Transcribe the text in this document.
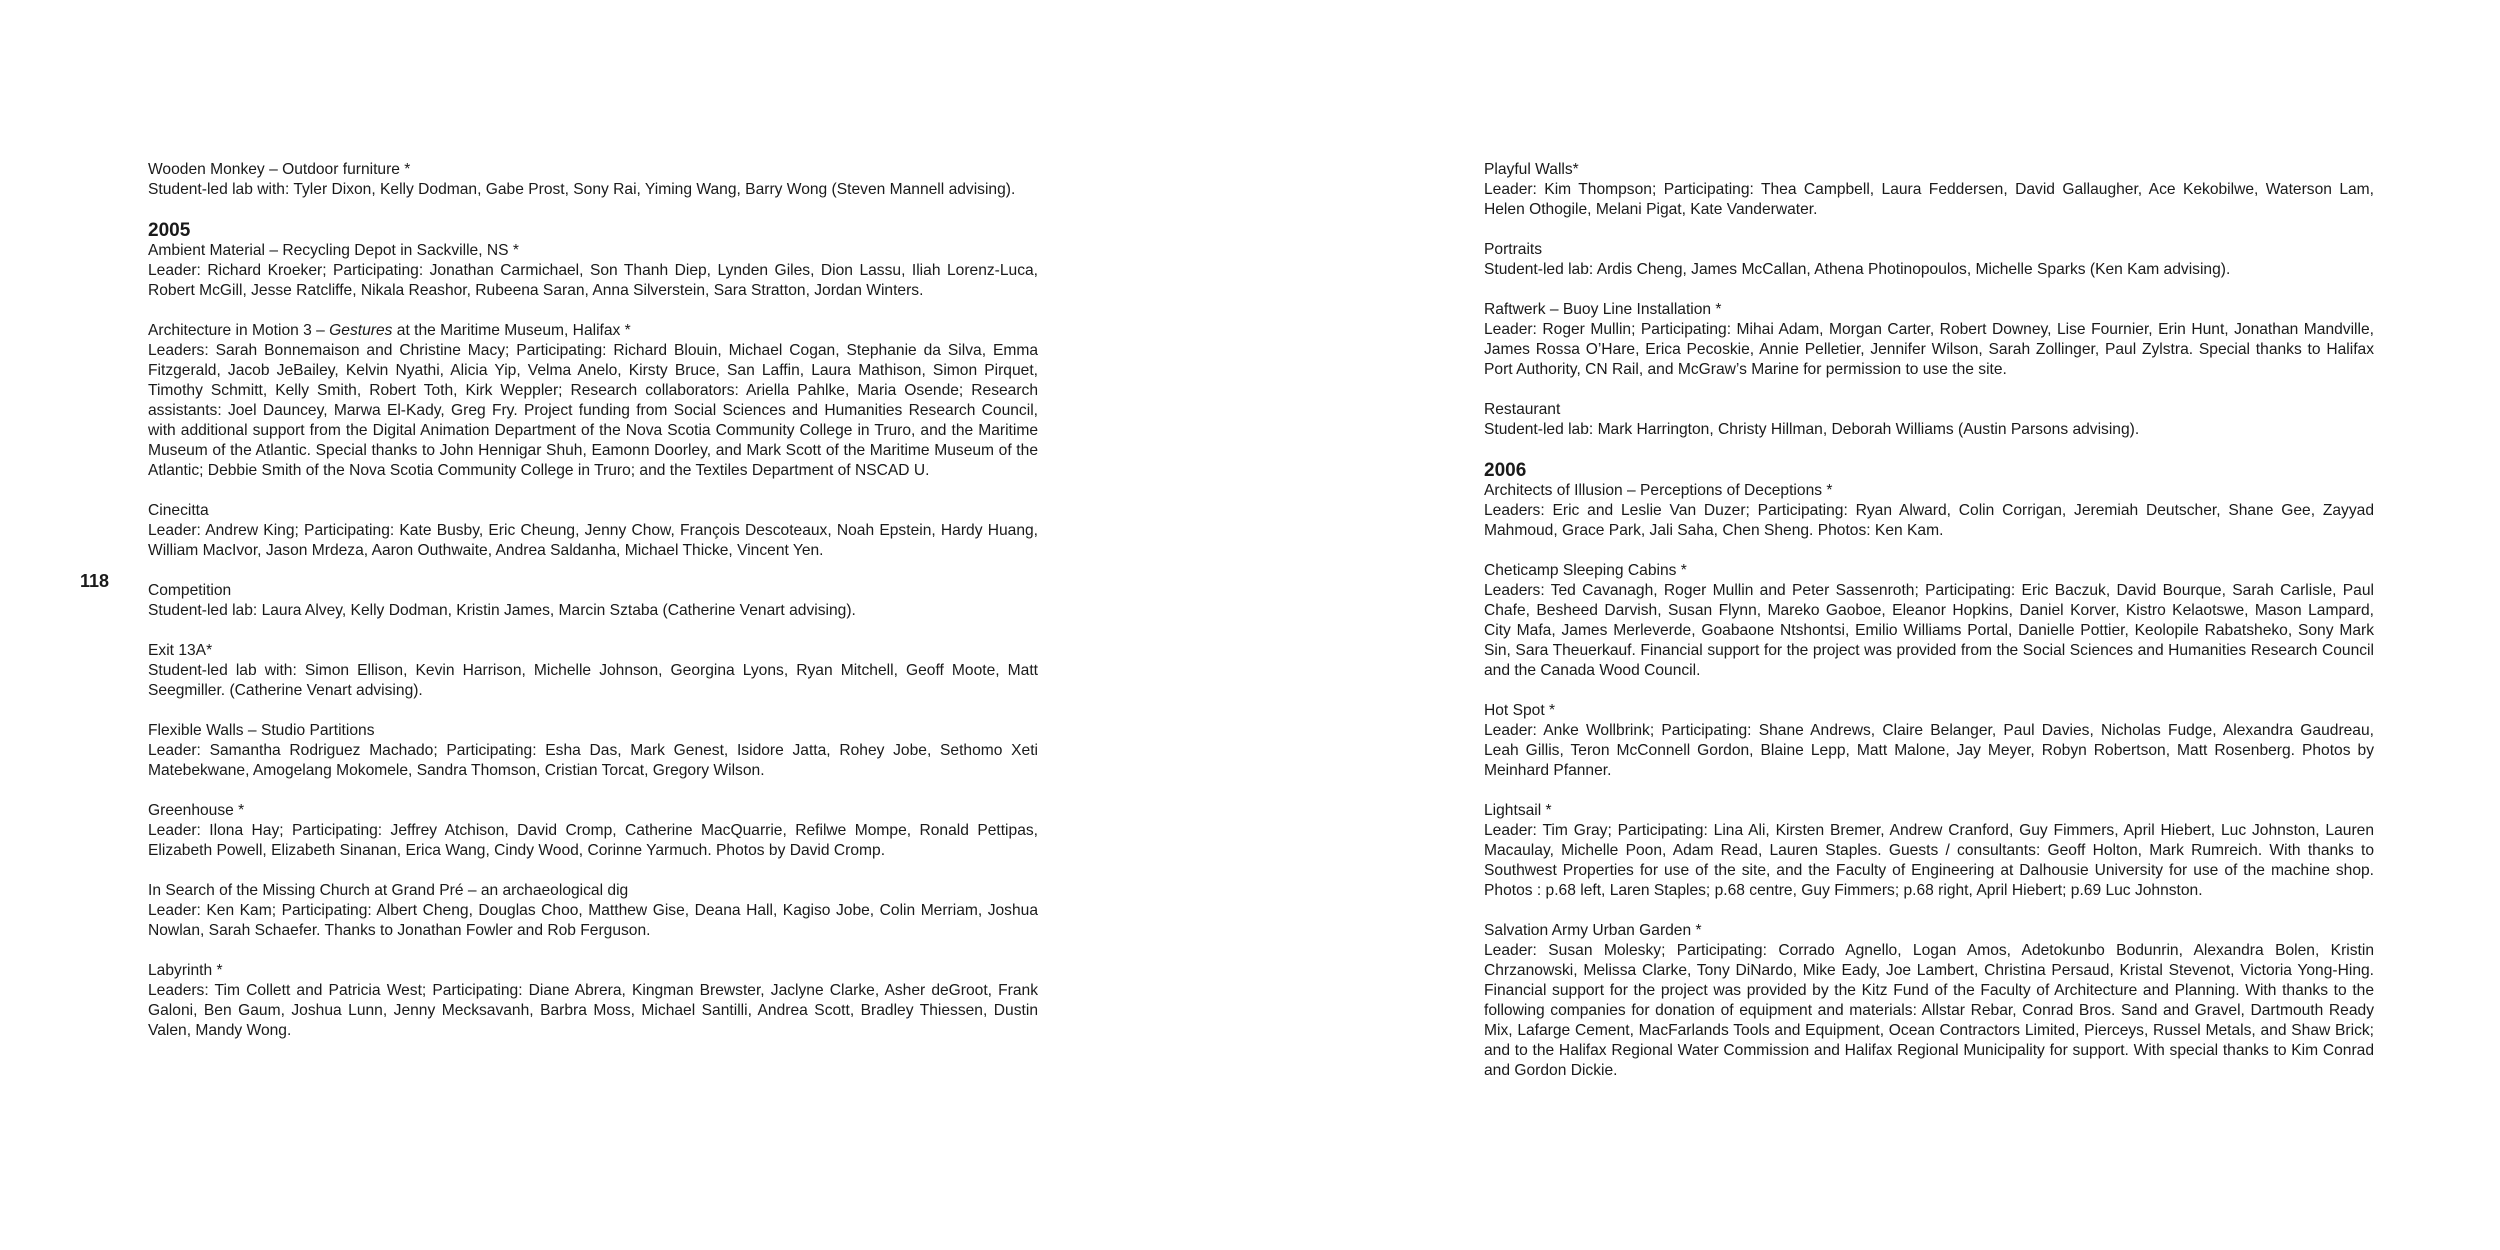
118
Wooden Monkey – Outdoor furniture *
Student-led lab with: Tyler Dixon, Kelly Dodman, Gabe Prost, Sony Rai, Yiming Wang, Barry Wong (Steven Mannell advising).
2005
Ambient Material – Recycling Depot in Sackville, NS *
Leader: Richard Kroeker; Participating: Jonathan Carmichael, Son Thanh Diep, Lynden Giles, Dion Lassu, Iliah Lorenz-Luca, Robert McGill, Jesse Ratcliffe, Nikala Reashor, Rubeena Saran, Anna Silverstein, Sara Stratton, Jordan Winters.
Architecture in Motion 3 – Gestures at the Maritime Museum, Halifax *
Leaders: Sarah Bonnemaison and Christine Macy; Participating: Richard Blouin, Michael Cogan, Stephanie da Silva, Emma Fitzgerald, Jacob JeBailey, Kelvin Nyathi, Alicia Yip, Velma Anelo, Kirsty Bruce, San Laffin, Laura Mathison, Simon Pirquet, Timothy Schmitt, Kelly Smith, Robert Toth, Kirk Weppler; Research collaborators: Ariella Pahlke, Maria Osende; Research assistants: Joel Dauncey, Marwa El-Kady, Greg Fry. Project funding from Social Sciences and Humanities Research Council, with additional support from the Digital Animation Department of the Nova Scotia Community College in Truro, and the Maritime Museum of the Atlantic. Special thanks to John Hennigar Shuh, Eamonn Doorley, and Mark Scott of the Maritime Museum of the Atlantic; Debbie Smith of the Nova Scotia Community College in Truro; and the Textiles Department of NSCAD U.
Cinecitta
Leader: Andrew King; Participating: Kate Busby, Eric Cheung, Jenny Chow, François Descoteaux, Noah Epstein, Hardy Huang, William MacIvor, Jason Mrdeza, Aaron Outhwaite, Andrea Saldanha, Michael Thicke, Vincent Yen.
Competition
Student-led lab: Laura Alvey, Kelly Dodman, Kristin James, Marcin Sztaba (Catherine Venart advising).
Exit 13A*
Student-led lab with: Simon Ellison, Kevin Harrison, Michelle Johnson, Georgina Lyons, Ryan Mitchell, Geoff Moote, Matt Seegmiller. (Catherine Venart advising).
Flexible Walls – Studio Partitions
Leader: Samantha Rodriguez Machado; Participating: Esha Das, Mark Genest, Isidore Jatta, Rohey Jobe, Sethomo Xeti Matebekwane, Amogelang Mokomele, Sandra Thomson, Cristian Torcat, Gregory Wilson.
Greenhouse *
Leader: Ilona Hay; Participating: Jeffrey Atchison, David Cromp, Catherine MacQuarrie, Refilwe Mompe, Ronald Pettipas, Elizabeth Powell, Elizabeth Sinanan, Erica Wang, Cindy Wood, Corinne Yarmuch. Photos by David Cromp.
In Search of the Missing Church at Grand Pré – an archaeological dig
Leader: Ken Kam; Participating: Albert Cheng, Douglas Choo, Matthew Gise, Deana Hall, Kagiso Jobe, Colin Merriam, Joshua Nowlan, Sarah Schaefer. Thanks to Jonathan Fowler and Rob Ferguson.
Labyrinth *
Leaders: Tim Collett and Patricia West; Participating: Diane Abrera, Kingman Brewster, Jaclyne Clarke, Asher deGroot, Frank Galoni, Ben Gaum, Joshua Lunn, Jenny Mecksavanh, Barbra Moss, Michael Santilli, Andrea Scott, Bradley Thiessen, Dustin Valen, Mandy Wong.
Playful Walls*
Leader: Kim Thompson; Participating: Thea Campbell, Laura Feddersen, David Gallaugher, Ace Kekobilwe, Waterson Lam, Helen Othogile, Melani Pigat, Kate Vanderwater.
Portraits
Student-led lab: Ardis Cheng, James McCallan, Athena Photinopoulos, Michelle Sparks (Ken Kam advising).
Raftwerk – Buoy Line Installation *
Leader: Roger Mullin; Participating: Mihai Adam, Morgan Carter, Robert Downey, Lise Fournier, Erin Hunt, Jonathan Mandville, James Rossa O’Hare, Erica Pecoskie, Annie Pelletier, Jennifer Wilson, Sarah Zollinger, Paul Zylstra. Special thanks to Halifax Port Authority, CN Rail, and McGraw’s Marine for permission to use the site.
Restaurant
Student-led lab: Mark Harrington, Christy Hillman, Deborah Williams (Austin Parsons advising).
2006
Architects of Illusion – Perceptions of Deceptions *
Leaders: Eric and Leslie Van Duzer; Participating: Ryan Alward, Colin Corrigan, Jeremiah Deutscher, Shane Gee, Zayyad Mahmoud, Grace Park, Jali Saha, Chen Sheng. Photos: Ken Kam.
Cheticamp Sleeping Cabins *
Leaders: Ted Cavanagh, Roger Mullin and Peter Sassenroth; Participating: Eric Baczuk, David Bourque, Sarah Carlisle, Paul Chafe, Besheed Darvish, Susan Flynn, Mareko Gaoboe, Eleanor Hopkins, Daniel Korver, Kistro Kelaotswe, Mason Lampard, City Mafa, James Merleverde, Goabaone Ntshontsi, Emilio Williams Portal, Danielle Pottier, Keolopile Rabatsheko, Sony Mark Sin, Sara Theuerkauf. Financial support for the project was provided from the Social Sciences and Humanities Research Council and the Canada Wood Council.
Hot Spot *
Leader: Anke Wollbrink; Participating: Shane Andrews, Claire Belanger, Paul Davies, Nicholas Fudge, Alexandra Gaudreau, Leah Gillis, Teron McConnell Gordon, Blaine Lepp, Matt Malone, Jay Meyer, Robyn Robertson, Matt Rosenberg. Photos by Meinhard Pfanner.
Lightsail *
Leader: Tim Gray; Participating: Lina Ali, Kirsten Bremer, Andrew Cranford, Guy Fimmers, April Hiebert, Luc Johnston, Lauren Macaulay, Michelle Poon, Adam Read, Lauren Staples. Guests / consultants: Geoff Holton, Mark Rumreich. With thanks to Southwest Properties for use of the site, and the Faculty of Engineering at Dalhousie University for use of the machine shop. Photos : p.68 left, Laren Staples; p.68 centre, Guy Fimmers; p.68 right, April Hiebert; p.69 Luc Johnston.
Salvation Army Urban Garden *
Leader: Susan Molesky; Participating: Corrado Agnello, Logan Amos, Adetokunbo Bodunrin, Alexandra Bolen, Kristin Chrzanowski, Melissa Clarke, Tony DiNardo, Mike Eady, Joe Lambert, Christina Persaud, Kristal Stevenot, Victoria Yong-Hing. Financial support for the project was provided by the Kitz Fund of the Faculty of Architecture and Planning. With thanks to the following companies for donation of equipment and materials: Allstar Rebar, Conrad Bros. Sand and Gravel, Dartmouth Ready Mix, Lafarge Cement, MacFarlands Tools and Equipment, Ocean Contractors Limited, Pierceys, Russel Metals, and Shaw Brick; and to the Halifax Regional Water Commission and Halifax Regional Municipality for support. With special thanks to Kim Conrad and Gordon Dickie.
